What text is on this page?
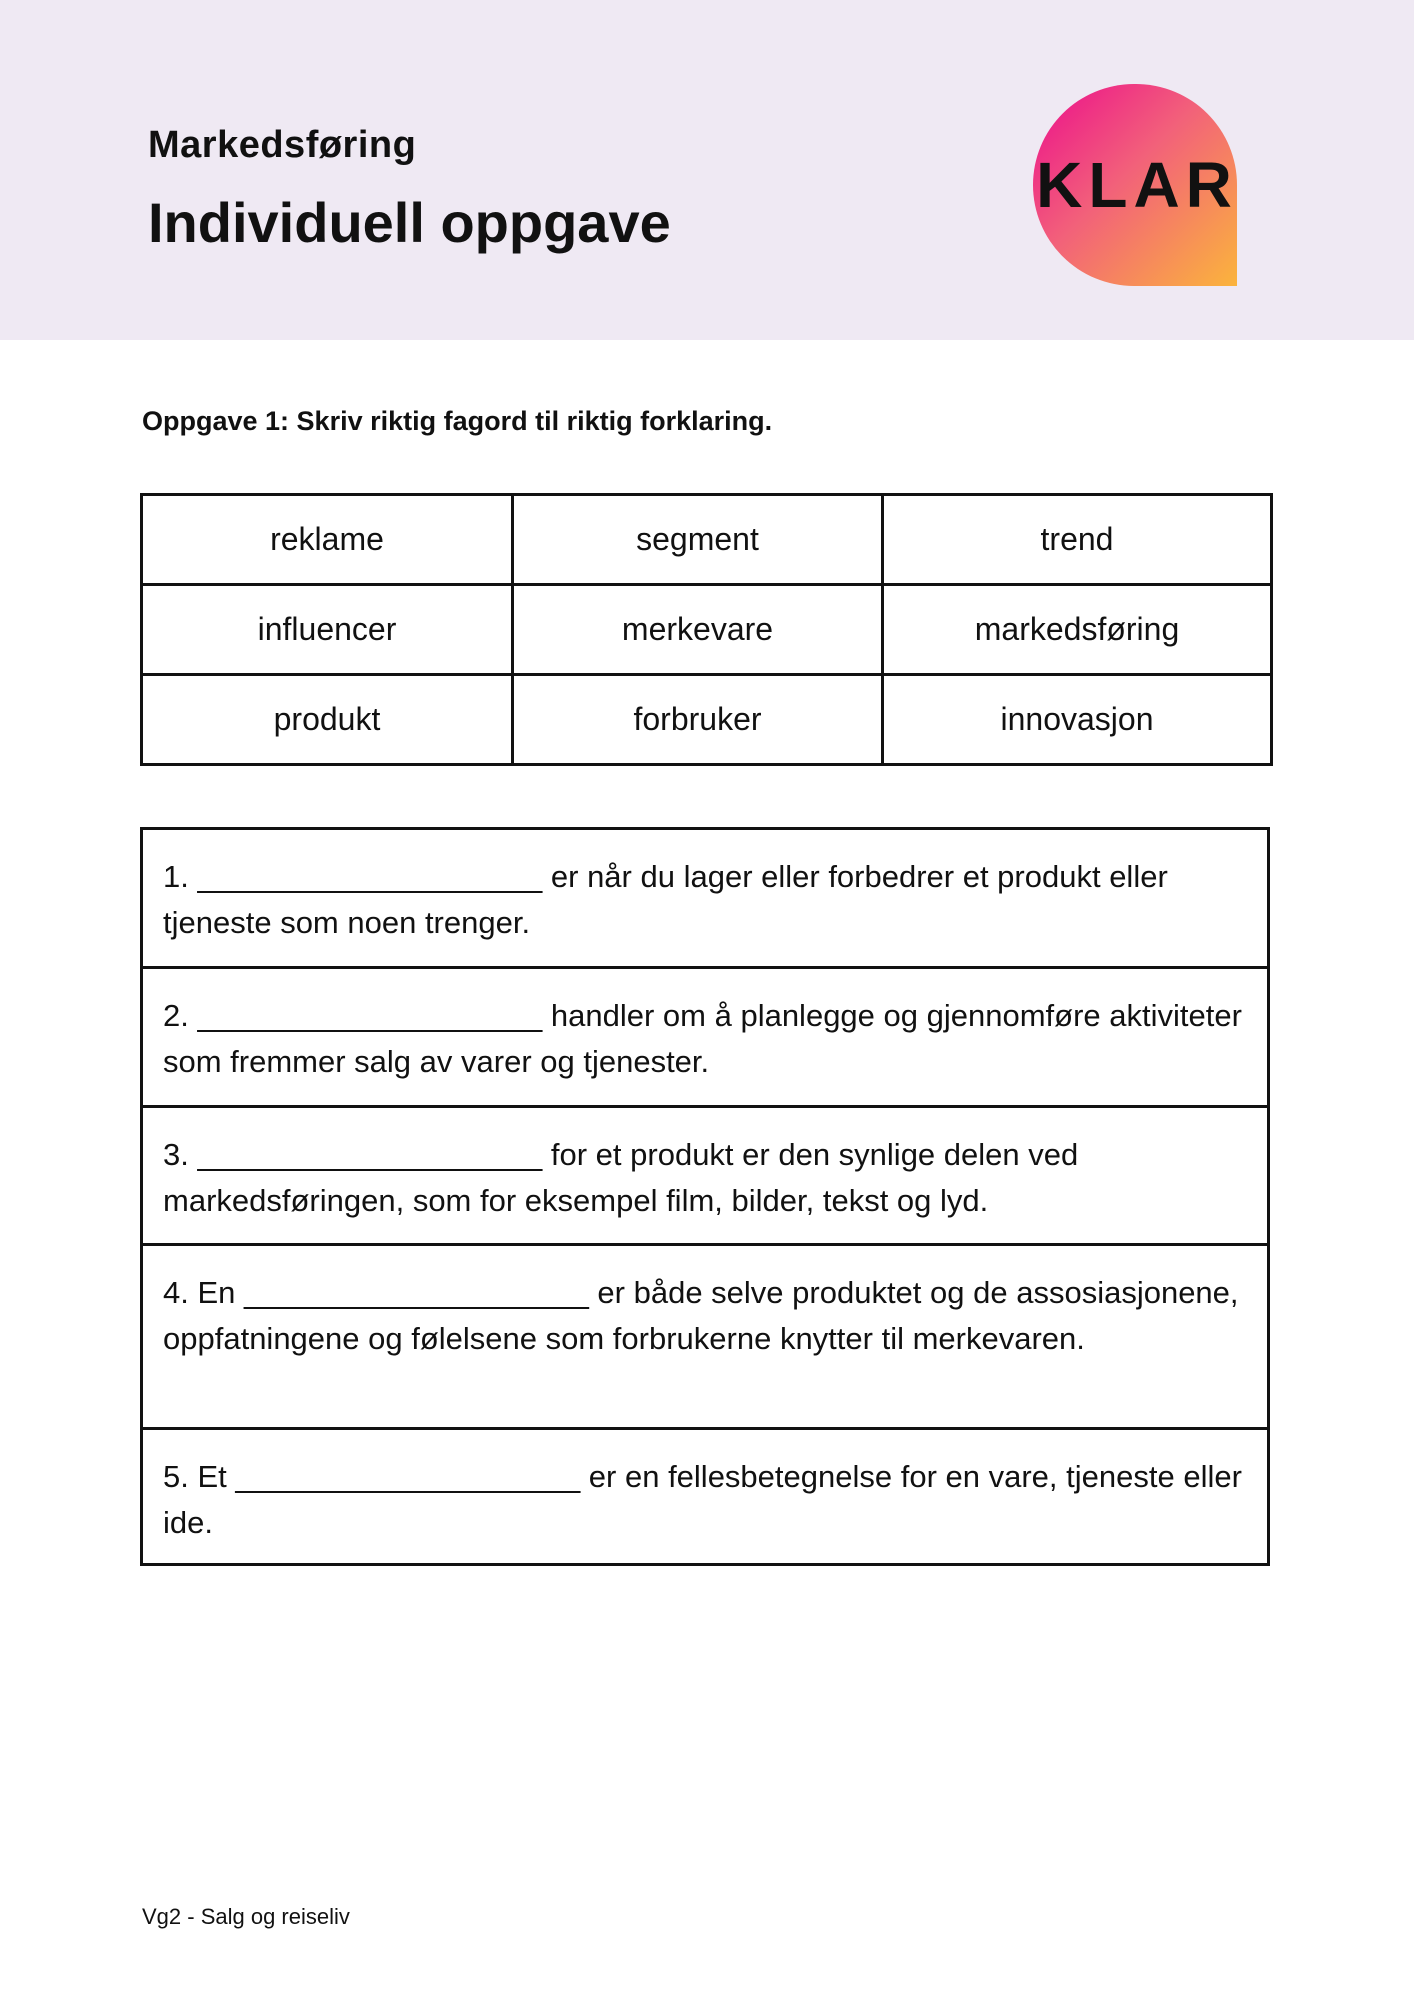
Markedsføring
Individuell oppgave
KLAR
Oppgave 1: Skriv riktig fagord til riktig forklaring.
reklame	segment	trend
influencer	merkevare	markedsføring
produkt	forbruker	innovasjon
1. ____________________ er når du lager eller forbedrer et produkt eller tjeneste som noen trenger.
2. ____________________ handler om å planlegge og gjennomføre aktiviteter som fremmer salg av varer og tjenester.
3. ____________________ for et produkt er den synlige delen ved markedsføringen, som for eksempel film, bilder, tekst og lyd.
4. En ____________________ er både selve produktet og de assosiasjonene, oppfatningene og følelsene som forbrukerne knytter til merkevaren.
5. Et ____________________ er en fellesbetegnelse for en vare, tjeneste eller ide.
Vg2 - Salg og reiseliv
